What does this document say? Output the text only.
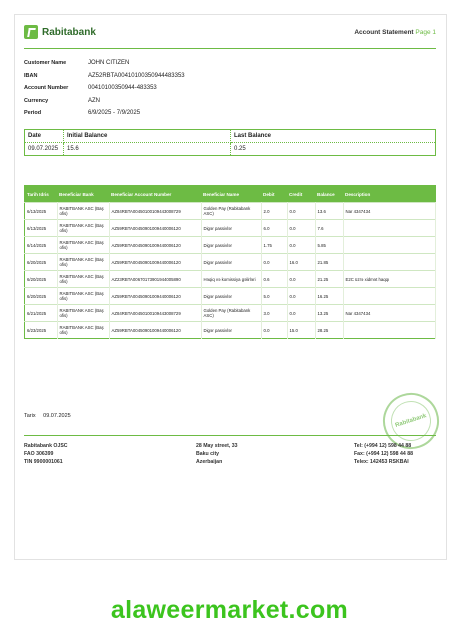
Rabitabank	Account Statement Page 1
Customer Name	JOHN CITIZEN
IBAN	AZ52RBTA00410100350944483353
Account Number	00410100350944-483353
Currency	AZN
Period	6/9/2025 - 7/9/2025
Date	Initial Balance	Last Balance
09.07.2025	15.6	0.25
Tarih Idris	Beneficiar Bank	Beneficiar Account Number	Beneficiar Name	Debit	Credit	Balance	Description
6/13/2025	RABITBANK ASC (Baş ofis)	AZ84RBTA00450100109443008729	Golden Pay (Rabitabank ASC)	2.0	0.0	13.6	Nar 4347434
6/13/2025	RABITBANK ASC (Baş ofis)	AZ59RBTA00450901009440006120	Digər passivlər	6.0	0.0	7.6	
6/14/2025	RABITBANK ASC (Baş ofis)	AZ59RBTA00450901009440006120	Digər passivlər	1.75	0.0	5.85	
6/20/2025	RABITBANK ASC (Baş ofis)	AZ59RBTA00450901009440006120	Digər passivlər	0.0	16.0	21.85	
6/20/2025	RABITBANK ASC (Baş ofis)	AZ23RBTA00670173901944005890	Həqiq və komissiya gəlirləri	0.6	0.0	21.25	E2C üzrə xidmət haqqı
6/20/2025	RABITBANK ASC (Baş ofis)	AZ59RBTA00450901009440006120	Digər passivlər	5.0	0.0	16.25	
6/21/2025	RABITBANK ASC (Baş ofis)	AZ84RBTA00450100109443008729	Golden Pay (Rabitabank ASC)	3.0	0.0	13.25	Nar 4347434
6/23/2025	RABITBANK ASC (Baş ofis)	AZ59RBTA00450901009440006120	Digər passivlər	0.0	15.0	28.25	
Rabitabank
Tarix 09.07.2025
Rabitabank OJSC
FAO 306399
TIN 9900001061
28 May street, 33
Baku city
Azerbaijan
Tel: (+994 12) 598 44 88
Fax: (+994 12) 598 44 88
Telex: 142453 RSKBAI
alaweermarket.com
